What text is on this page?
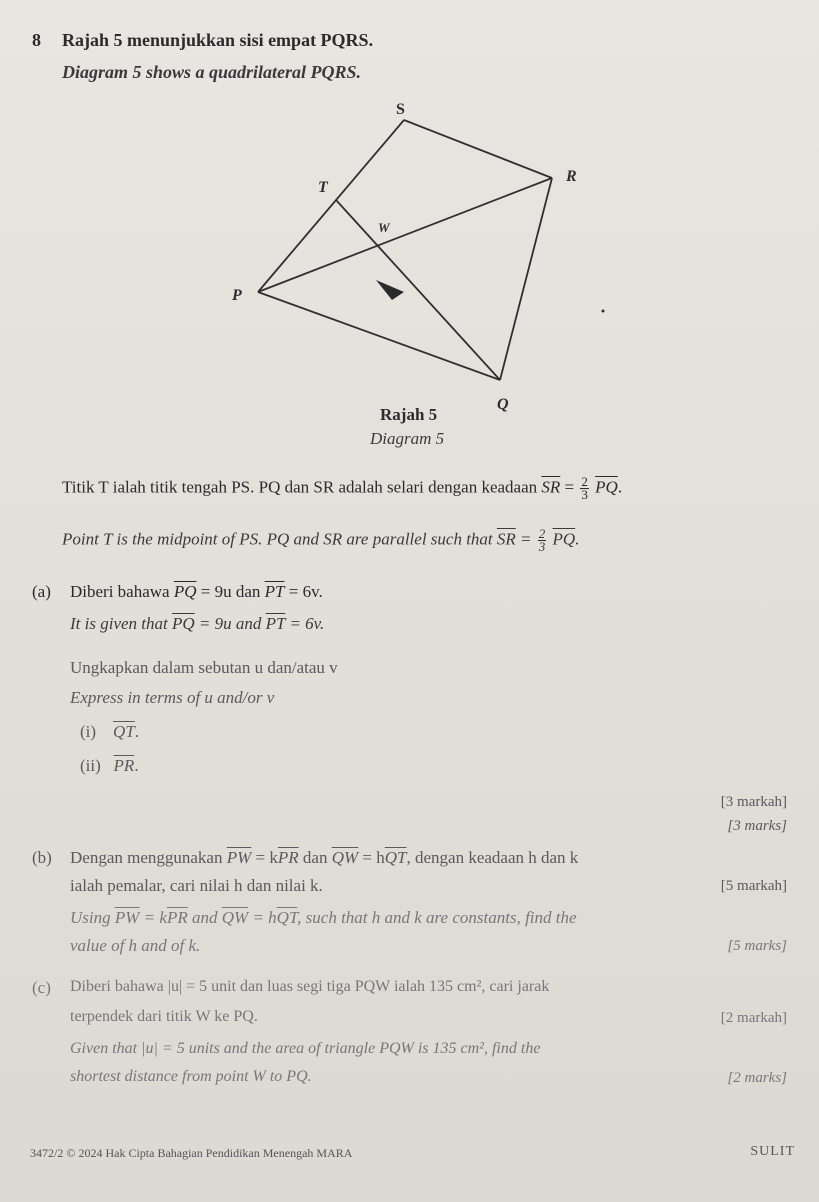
8 Rajah 5 menunjukkan sisi empat PQRS.
Diagram 5 shows a quadrilateral PQRS.
S
R
T
W
P
Q
Rajah 5
Diagram 5
Titik T ialah titik tengah PS. PQ dan SR adalah selari dengan keadaan $\overline{SR} = \frac{2}{3} \overline{PQ}$.
Point T is the midpoint of PS. PQ and SR are parallel such that $\overline{SR} = \frac{2}{3} \overline{PQ}$.
(a) Diberi bahawa $\overline{PQ} = 9u$ dan $\overline{PT} = 6v$.
It is given that $\overline{PQ} = 9u$ and $\overline{PT} = 6v$.
Ungkapkan dalam sebutan u dan/atau v
Express in terms of u and/or v
(i) $\overline{QT}$.
(ii) $\overline{PR}$.
[3 markah]
[3 marks]
(b) Dengan menggunakan $\overline{PW} = k\overline{PR}$ dan $\overline{QW} = h\overline{QT}$, dengan keadaan h dan k
ialah pemalar, cari nilai h dan nilai k.	[5 markah]
Using $\overline{PW} = k\overline{PR}$ and $\overline{QW} = h\overline{QT}$, such that h and k are constants, find the
value of h and of k.	[5 marks]
(c) Diberi bahawa |u| = 5 unit dan luas segi tiga PQW ialah 135 cm², cari jarak
terpendek dari titik W ke PQ.	[2 markah]
Given that |u| = 5 units and the area of triangle PQW is 135 cm², find the
shortest distance from point W to PQ.	[2 marks]
3472/2 © 2024 Hak Cipta Bahagian Pendidikan Menengah MARA	SULIT
